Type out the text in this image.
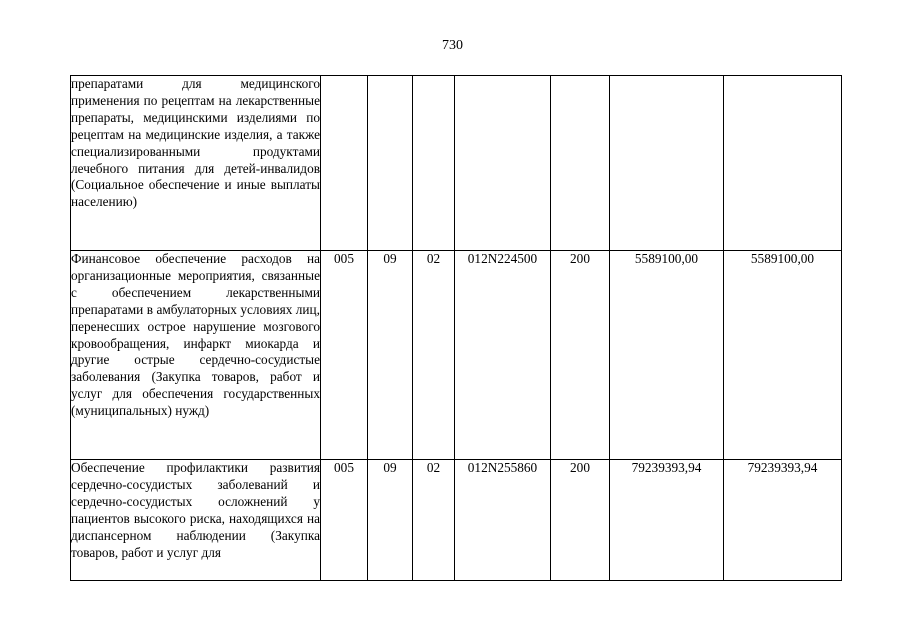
730
препаратами для медицинского применения по рецептам на лекарственные препараты, медицинскими изделиями по рецептам на медицинские изделия, а также специализированными продуктами лечебного питания для детей-инвалидов (Социальное обеспечение и иные выплаты населению)							
Финансовое обеспечение расходов на организационные мероприятия, связанные с обеспечением лекарственными препаратами в амбулаторных условиях лиц, перенесших острое нарушение мозгового кровообращения, инфаркт миокарда и другие острые сердечно-сосудистые заболевания (Закупка товаров, работ и услуг для обеспечения государственных (муниципальных) нужд)	005	09	02	012N224500	200	5589100,00	5589100,00
Обеспечение профилактики развития сердечно-сосудистых заболеваний и сердечно-сосудистых осложнений у пациентов высокого риска, находящихся на диспансерном наблюдении (Закупка товаров, работ и услуг для	005	09	02	012N255860	200	79239393,94	79239393,94
